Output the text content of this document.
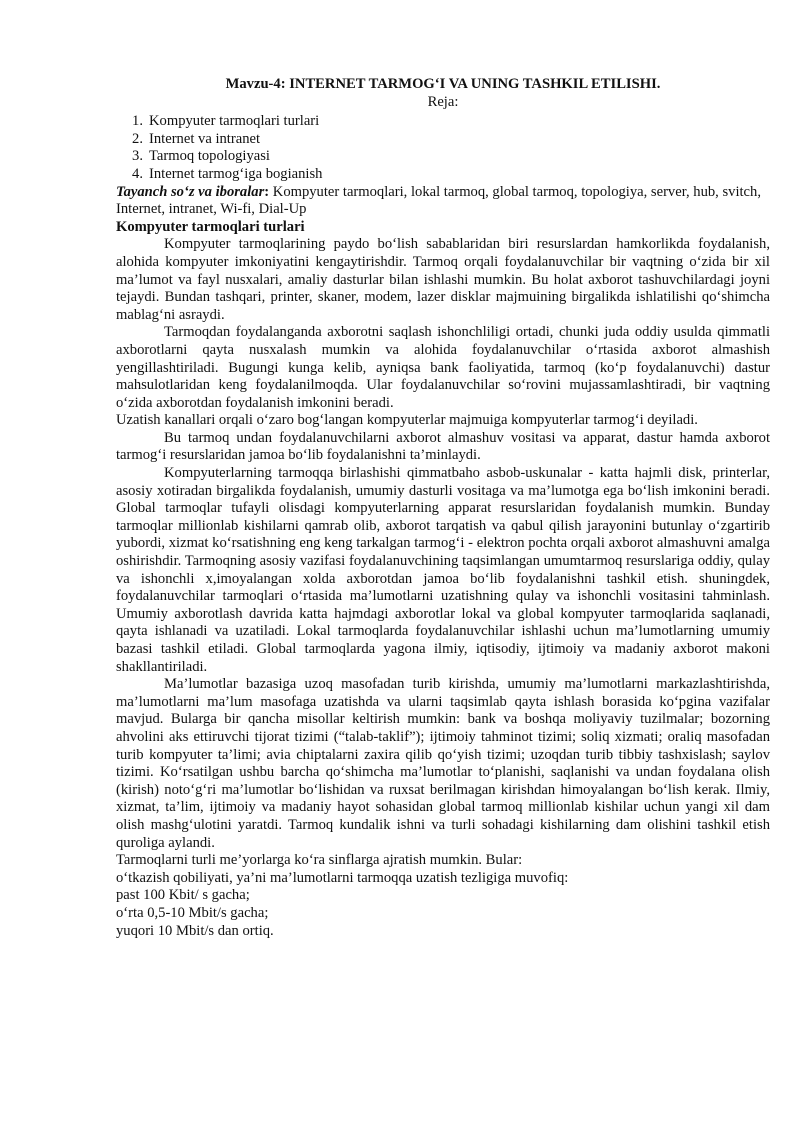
Mavzu-4: INTERNET TARMOG‘I VA UNING TASHKIL ETILISHI.

Reja:

1. Kompyuter tarmoqlari turlari
2. Internet va intranet
3. Tarmoq topologiyasi
4. Internet tarmog‘iga bogianish

Tayanch so‘z va iboralar: Kompyuter tarmoqlari, lokal tarmoq, global tarmoq, topologiya, server, hub, svitch, Internet, intranet, Wi-fi, Dial-Up

Kompyuter tarmoqlari turlari

Kompyuter tarmoqlarining paydo bo‘lish sabablaridan biri resurslardan hamkorlikda foydalanish, alohida kompyuter imkoniyatini kengaytirishdir. Tarmoq orqali foydalanuvchilar bir vaqtning o‘zida bir xil ma’lumot va fayl nusxalari, amaliy dasturlar bilan ishlashi mumkin. Bu holat axborot tashuvchilardagi joyni tejaydi. Bundan tashqari, printer, skaner, modem, lazer disklar majmuining birgalikda ishlatilishi qo‘shimcha mablag‘ni asraydi.

Tarmoqdan foydalanganda axborotni saqlash ishonchliligi ortadi, chunki juda oddiy usulda qimmatli axborotlarni qayta nusxalash mumkin va alohida foydalanuvchilar o‘rtasida axborot almashish yengillashtiriladi. Bugungi kunga kelib, ayniqsa bank faoliyatida, tarmoq (ko‘p foydalanuvchi) dastur mahsulotlaridan keng foydalanilmoqda. Ular foydalanuvchilar so‘rovini mujassamlashtiradi, bir vaqtning o‘zida axborotdan foydalanish imkonini beradi.

Uzatish kanallari orqali o‘zaro bog‘langan kompyuterlar majmuiga kompyuterlar tarmog‘i deyiladi.

Bu tarmoq undan foydalanuvchilarni axborot almashuv vositasi va apparat, dastur hamda axborot tarmog‘i resurslaridan jamoa bo‘lib foydalanishni ta’minlaydi.

Kompyuterlarning tarmoqqa birlashishi qimmatbaho asbob-uskunalar - katta hajmli disk, printerlar, asosiy xotiradan birgalikda foydalanish, umumiy dasturli vositaga va ma’lumotga ega bo‘lish imkonini beradi. Global tarmoqlar tufayli olisdagi kompyuterlarning apparat resurslaridan foydalanish mumkin. Bunday tarmoqlar millionlab kishilarni qamrab olib, axborot tarqatish va qabul qilish jarayonini butunlay o‘zgartirib yubordi, xizmat ko‘rsatishning eng keng tarkalgan tarmog‘i - elektron pochta orqali axborot almashuvni amalga oshirishdir. Tarmoqning asosiy vazifasi foydalanuvchining taqsimlangan umumtarmoq resurslariga oddiy, qulay va ishonchli x,imoyalangan xolda axborotdan jamoa bo‘lib foydalanishni tashkil etish. shuningdek, foydalanuvchilar tarmoqlari o‘rtasida ma’lumotlarni uzatishning qulay va ishonchli vositasini tahminlash. Umumiy axborotlash davrida katta hajmdagi axborotlar lokal va global kompyuter tarmoqlarida saqlanadi, qayta ishlanadi va uzatiladi. Lokal tarmoqlarda foydalanuvchilar ishlashi uchun ma’lumotlarning umumiy bazasi tashkil etiladi. Global tarmoqlarda yagona ilmiy, iqtisodiy, ijtimoiy va madaniy axborot makoni shakllantiriladi.

Ma’lumotlar bazasiga uzoq masofadan turib kirishda, umumiy ma’lumotlarni markazlashtirishda, ma’lumotlarni ma’lum masofaga uzatishda va ularni taqsimlab qayta ishlash borasida ko‘pgina vazifalar mavjud. Bularga bir qancha misollar keltirish mumkin: bank va boshqa moliyaviy tuzilmalar; bozorning ahvolini aks ettiruvchi tijorat tizimi (“talab-taklif”); ijtimoiy tahminot tizimi; soliq xizmati; oraliq masofadan turib kompyuter ta’limi; avia chiptalarni zaxira qilib qo‘yish tizimi; uzoqdan turib tibbiy tashxislash; saylov tizimi. Ko‘rsatilgan ushbu barcha qo‘shimcha ma’lumotlar to‘planishi, saqlanishi va undan foydalana olish (kirish) noto‘g‘ri ma’lumotlar bo‘lishidan va ruxsat berilmagan kirishdan himoyalangan bo‘lish kerak. Ilmiy, xizmat, ta’lim, ijtimoiy va madaniy hayot sohasidan global tarmoq millionlab kishilar uchun yangi xil dam olish mashg‘ulotini yaratdi. Tarmoq kundalik ishni va turli sohadagi kishilarning dam olishini tashkil etish quroliga aylandi.

Tarmoqlarni turli me’yorlarga ko‘ra sinflarga ajratish mumkin. Bular:

o‘tkazish qobiliyati, ya’ni ma’lumotlarni tarmoqqa uzatish tezligiga muvofiq:

past 100 Kbit/ s gacha;

o‘rta 0,5-10 Mbit/s gacha;

yuqori 10 Mbit/s dan ortiq.
